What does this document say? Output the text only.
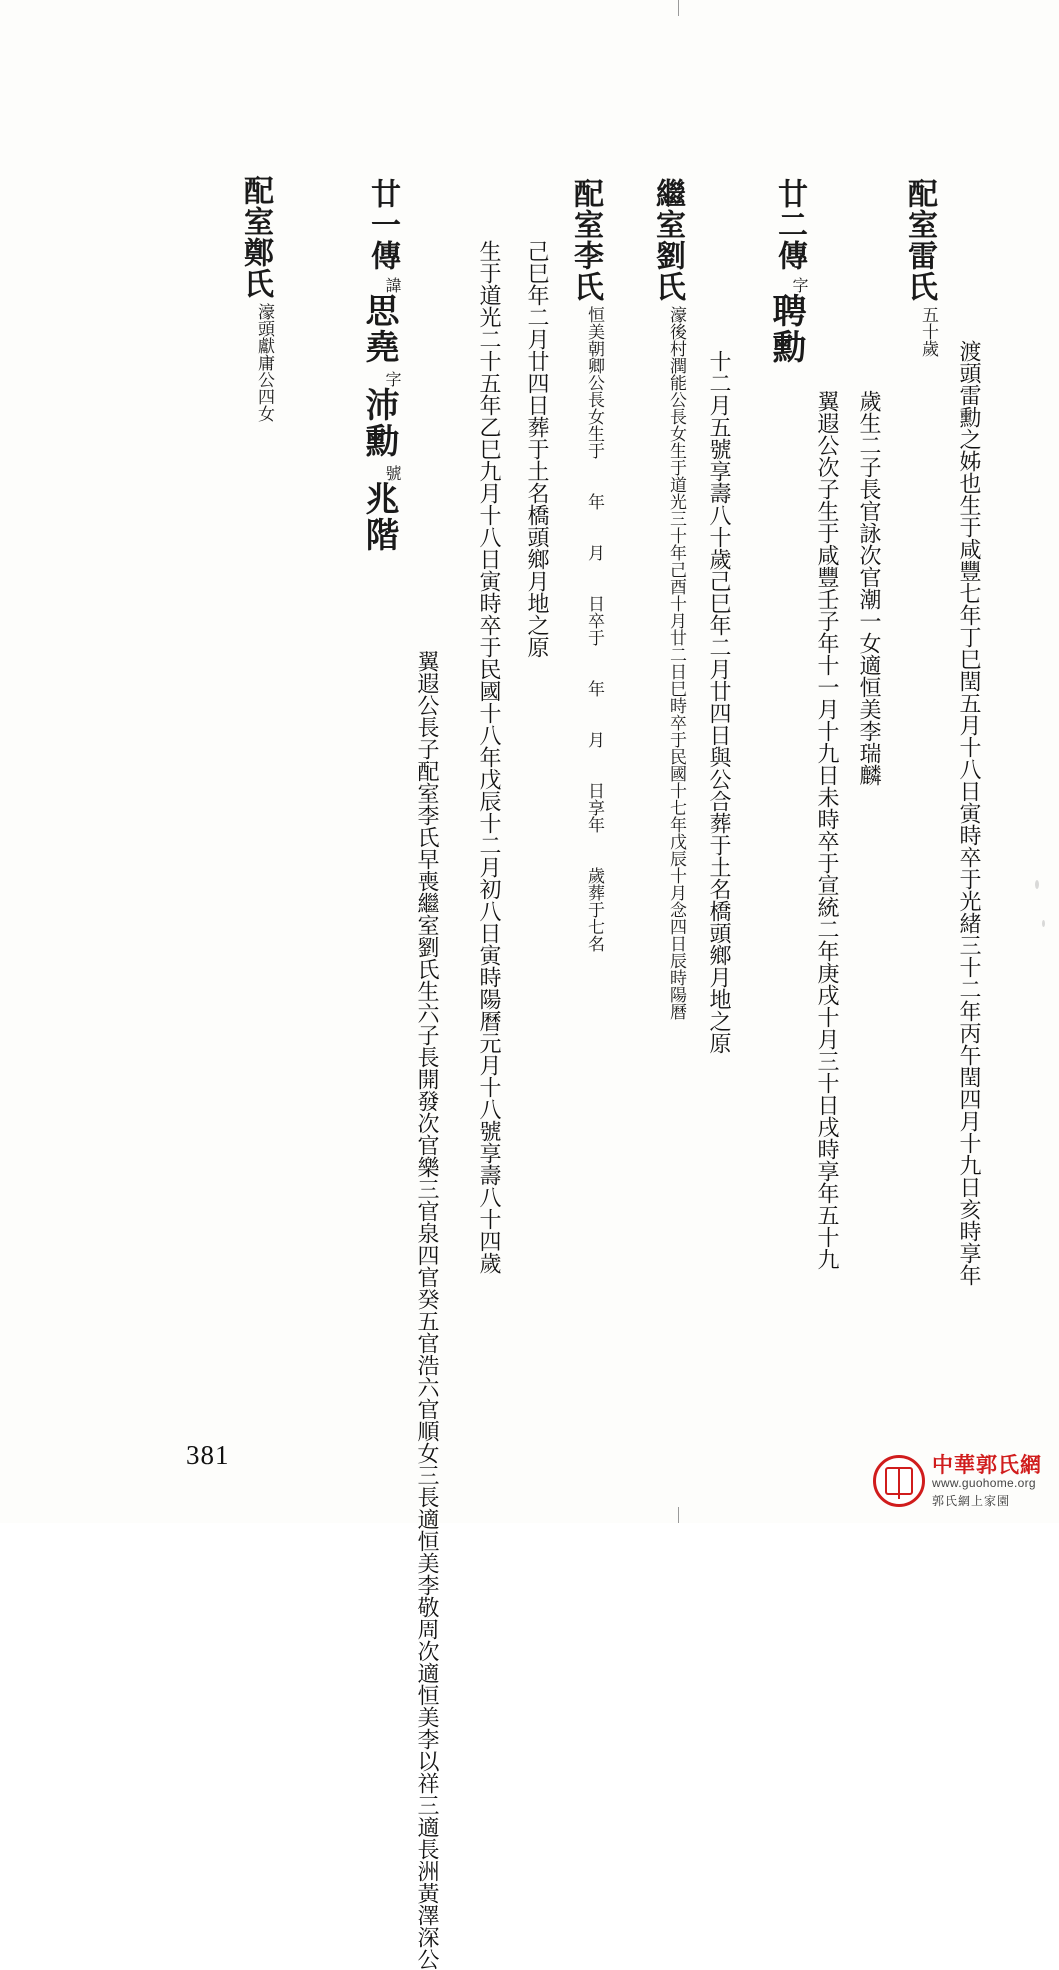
配室鄭氏
濠頭獻庸公四女
廿一傳
諱
思堯
字
沛勳
號
兆階
翼遐公長子配室李氏早喪繼室劉氏生六子長開發次官樂三官泉四官癸五官浩六官順女三長適恒美李敬周次適恒美李以祥三適長洲黃澤深公 生于道光二十五年乙巳九月十八日寅時卒于民國十八年戊辰十二月初八日寅時陽曆元月十八號享壽八十四歲 己巳年二月廿四日葬于土名橋頭鄉月地之原 配室李氏
恒美朝卿公長女生于　　年　　月　　日卒于　　年　　月　　日享年　　歲葬于七名
繼室劉氏
濠後村潤能公長女生于道光三十年己酉十月廿二日巳時卒于民國十七年戊辰十月念四日辰時陽曆 十二月五號享壽八十歲己巳年二月廿四日與公合葬于土名橋頭鄉月地之原
廿二傳
字
聘勳
翼遐公次子生于咸豐壬子年十一月十九日未時卒于宣統二年庚戌十月三十日戌時享年五十九 歲生二子長官詠次官潮一女適恒美李瑞麟
配室雷氏
五十歲
渡頭雷勳之姊也生于咸豐七年丁巳閏五月十八日寅時卒于光緒三十二年丙午閏四月十九日亥時享年
381	中華郭氏網
www.guohome.org
郭氏網上家園
